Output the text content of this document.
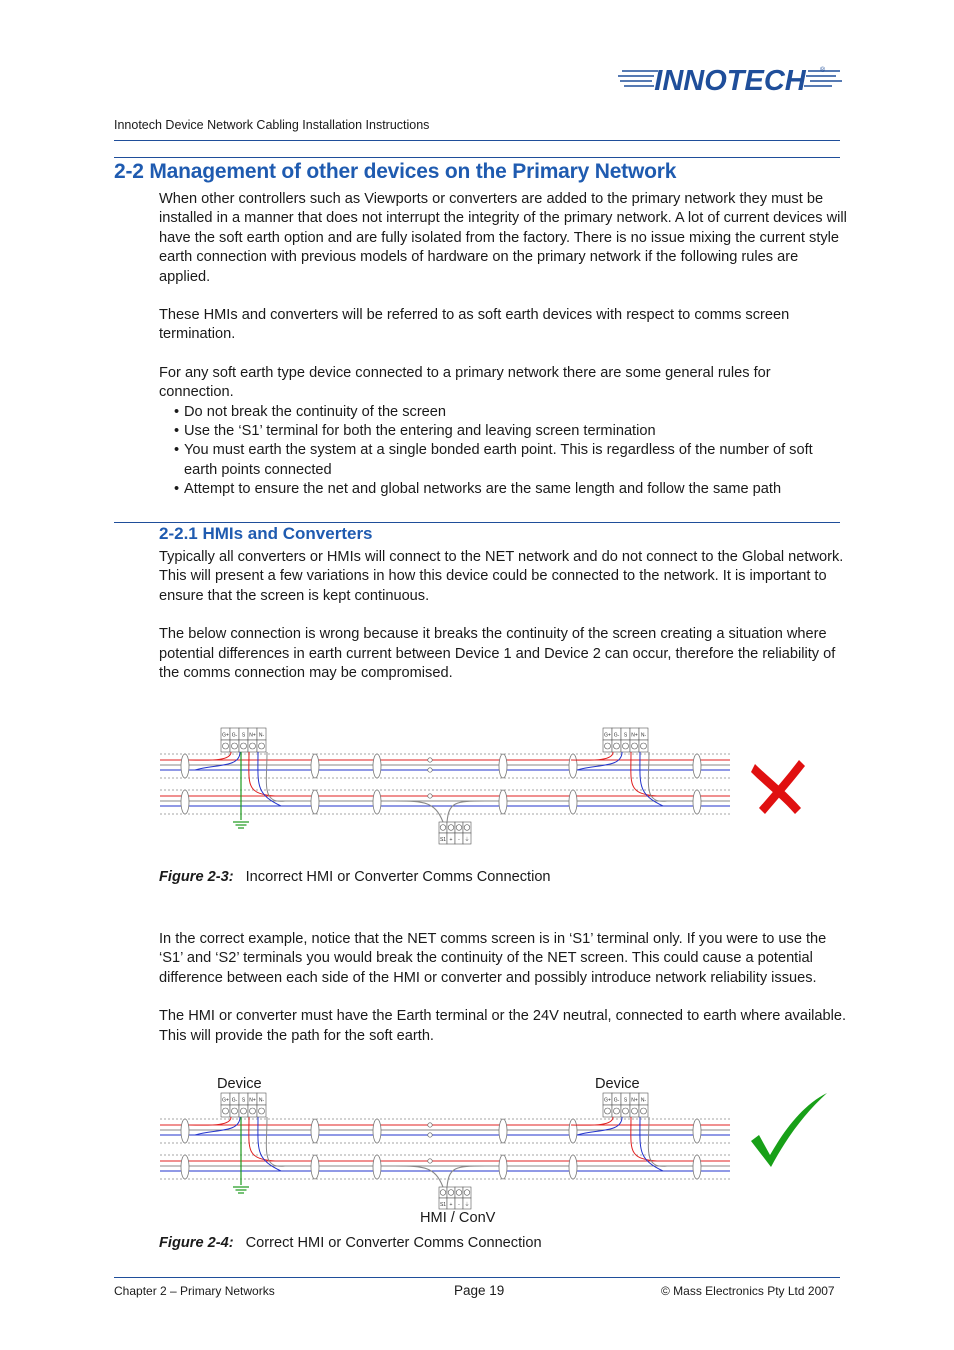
INNOTECH ®
Innotech Device Network Cabling Installation Instructions
2-2 Management of other devices on the Primary Network

When other controllers such as Viewports or converters are added to the primary network they must be installed in a manner that does not interrupt the integrity of the primary network. A lot of current devices will have the soft earth option and are fully isolated from the factory. There is no issue mixing the current style earth connection with previous models of hardware on the primary network if the following rules are applied.

These HMIs and converters will be referred to as soft earth devices with respect to comms screen termination.

For any soft earth type device connected to a primary network there are some general rules for connection.

• Do not break the continuity of the screen
• Use the ‘S1’ terminal for both the entering and leaving screen termination
• You must earth the system at a single bonded earth point. This is regardless of the number of soft earth points connected
• Attempt to ensure the net and global networks are the same length and follow the same path
2-2.1 HMIs and Converters

Typically all converters or HMIs will connect to the NET network and do not connect to the Global network. This will present a few variations in how this device could be connected to the network. It is important to ensure that the screen is kept continuous.

The below connection is wrong because it breaks the continuity of the screen creating a situation where potential differences in earth current between Device 1 and Device 2 can occur, therefore the reliability of the comms connection may be compromised.

G+ G- S N+ N-	G+ G- S N+ N-
S1 + - ⏚
Figure 2-3: Incorrect HMI or Converter Comms Connection

In the correct example, notice that the NET comms screen is in ‘S1’ terminal only. If you were to use the ‘S1’ and ‘S2’ terminals you would break the continuity of the NET screen. This could cause a potential difference between each side of the HMI or converter and possibly introduce network reliability issues.

The HMI or converter must have the Earth terminal or the 24V neutral, connected to earth where available. This will provide the path for the soft earth.

Device	Device
G+ G- S N+ N-	G+ G- S N+ N-
S1 + - ⏚
HMI / ConV
Figure 2-4: Correct HMI or Converter Comms Connection
Chapter 2 – Primary Networks	Page 19	© Mass Electronics Pty Ltd 2007
